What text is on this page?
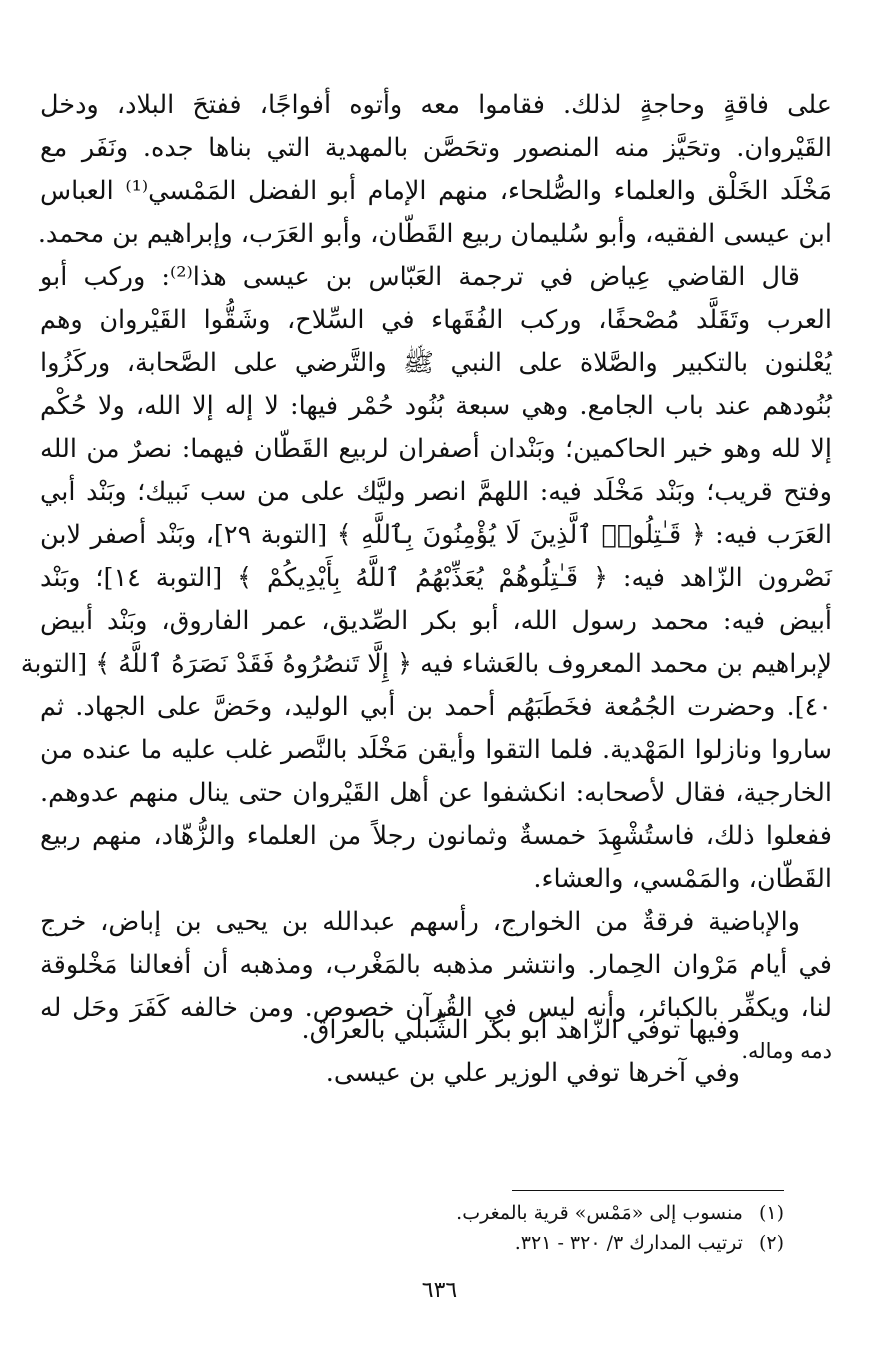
على فاقةٍ وحاجةٍ لذلك. فقاموا معه وأتوه أفواجًا، ففتحَ البلاد، ودخل
القَيْروان. وتحَيَّز منه المنصور وتحَصَّن بالمهدية التي بناها جده. ونَفَر مع
مَخْلَد الخَلْق والعلماء والصُّلحاء، منهم الإمام أبو الفضل المَمْسي⁽¹⁾ العباس
ابن عيسى الفقيه، وأبو سُليمان ربيع القَطّان، وأبو العَرَب، وإبراهيم بن محمد.
قال القاضي عِياض في ترجمة العَبّاس بن عيسى هذا⁽²⁾: وركب أبو
العرب وتَقَلَّد مُصْحفًا، وركب الفُقَهاء في السِّلاح، وشَقُّوا القَيْروان وهم
يُعْلنون بالتكبير والصَّلاة على النبي ﷺ والتَّرضي على الصَّحابة، وركَزُوا
بُنُودهم عند باب الجامع. وهي سبعة بُنُود حُمْر فيها: لا إله إلا الله، ولا حُكْم
إلا لله وهو خير الحاكمين؛ وبَنْدان أصفران لربيع القَطّان فيهما: نصرٌ من الله
وفتح قريب؛ وبَنْد مَخْلَد فيه: اللهمَّ انصر وليَّك على من سب نَبيك؛ وبَنْد أبي
العَرَب فيه: ﴿ قَـٰتِلُوا۟ ٱلَّذِينَ لَا يُؤْمِنُونَ بِٱللَّهِ ﴾ [التوبة ٢٩]، وبَنْد أصفر لابن
نَصْرون الزّاهد فيه: ﴿ قَـٰتِلُوهُمْ يُعَذِّبْهُمُ ٱللَّهُ بِأَيْدِيكُمْ ﴾ [التوبة ١٤]؛ وبَنْد
أبيض فيه: محمد رسول الله، أبو بكر الصِّديق، عمر الفاروق، وبَنْد أبيض
لإبراهيم بن محمد المعروف بالعَشاء فيه ﴿ إِلَّا تَنصُرُوهُ فَقَدْ نَصَرَهُ ٱللَّهُ ﴾ [التوبة
٤٠]. وحضرت الجُمُعة فخَطَبَهُم أحمد بن أبي الوليد، وحَضَّ على الجهاد. ثم
ساروا ونازلوا المَهْدية. فلما التقوا وأيقن مَخْلَد بالنَّصر غلب عليه ما عنده من
الخارجية، فقال لأصحابه: انكشفوا عن أهل القَيْروان حتى ينال منهم عدوهم.
ففعلوا ذلك، فاستُشْهِدَ خمسةٌ وثمانون رجلاً من العلماء والزُّهّاد، منهم ربيع
القَطّان، والمَمْسي، والعشاء.
والإباضية فرقةٌ من الخوارج، رأسهم عبدالله بن يحيى بن إباض، خرج
في أيام مَرْوان الحِمار. وانتشر مذهبه بالمَغْرب، ومذهبه أن أفعالنا مَخْلوقة
لنا، ويكفِّر بالكبائر، وأنه ليس في القُرآن خصوص. ومن خالفه كَفَرَ وحَل له
دمه وماله.
وفيها توفي الزّاهد أبو بكر الشِّبلي بالعراق.
وفي آخرها توفي الوزير علي بن عيسى.
(١) منسوب إلى «مَمْس» قرية بالمغرب.
(٢) ترتيب المدارك ٣/ ٣٢٠ - ٣٢١.
٦٣٦
